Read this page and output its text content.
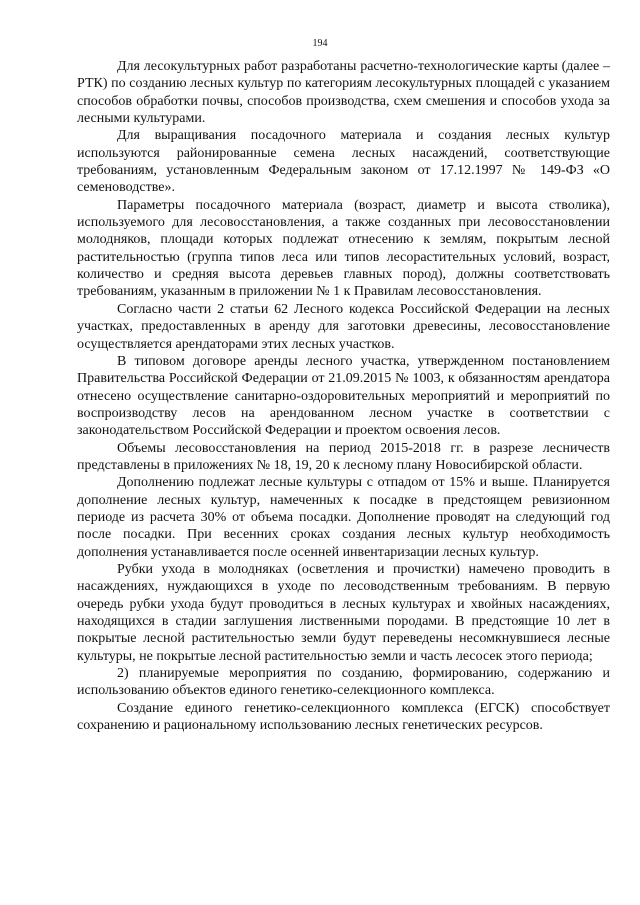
194

Для лесокультурных работ разработаны расчетно-технологические карты (далее – РТК) по созданию лесных культур по категориям лесокультурных площадей с указанием способов обработки почвы, способов производства, схем смешения и способов ухода за лесными культурами.

Для выращивания посадочного материала и создания лесных культур используются районированные семена лесных насаждений, соответствующие требованиям, установленным Федеральным законом от 17.12.1997 № 149-ФЗ «О семеноводстве».

Параметры посадочного материала (возраст, диаметр и высота стволика), используемого для лесовосстановления, а также созданных при лесовосстановлении молодняков, площади которых подлежат отнесению к землям, покрытым лесной растительностью (группа типов леса или типов лесорастительных условий, возраст, количество и средняя высота деревьев главных пород), должны соответствовать требованиям, указанным в приложении № 1 к Правилам лесовосстановления.

Согласно части 2 статьи 62 Лесного кодекса Российской Федерации на лесных участках, предоставленных в аренду для заготовки древесины, лесовосстановление осуществляется арендаторами этих лесных участков.

В типовом договоре аренды лесного участка, утвержденном постановлением Правительства Российской Федерации от 21.09.2015 № 1003, к обязанностям арендатора отнесено осуществление санитарно-оздоровительных мероприятий и мероприятий по воспроизводству лесов на арендованном лесном участке в соответствии с законодательством Российской Федерации и проектом освоения лесов.

Объемы лесовосстановления на период 2015-2018 гг. в разрезе лесничеств представлены в приложениях № 18, 19, 20 к лесному плану Новосибирской области.

Дополнению подлежат лесные культуры с отпадом от 15% и выше. Планируется дополнение лесных культур, намеченных к посадке в предстоящем ревизионном периоде из расчета 30% от объема посадки. Дополнение проводят на следующий год после посадки. При весенних сроках создания лесных культур необходимость дополнения устанавливается после осенней инвентаризации лесных культур.

Рубки ухода в молодняках (осветления и прочистки) намечено проводить в насаждениях, нуждающихся в уходе по лесоводственным требованиям. В первую очередь рубки ухода будут проводиться в лесных культурах и хвойных насаждениях, находящихся в стадии заглушения лиственными породами. В предстоящие 10 лет в покрытые лесной растительностью земли будут переведены несомкнувшиеся лесные культуры, не покрытые лесной растительностью земли и часть лесосек этого периода;

2) планируемые мероприятия по созданию, формированию, содержанию и использованию объектов единого генетико-селекционного комплекса.

Создание единого генетико-селекционного комплекса (ЕГСК) способствует сохранению и рациональному использованию лесных генетических ресурсов.
